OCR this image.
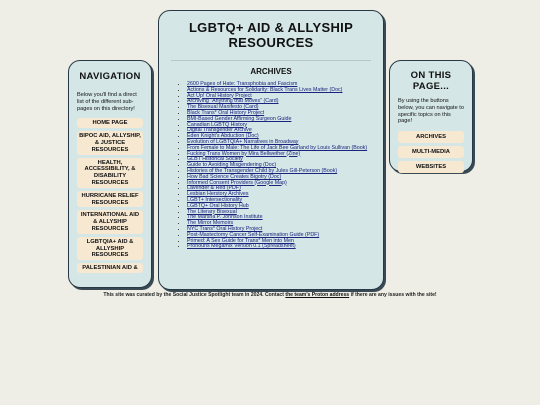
NAVIGATION
Below you'll find a direct list of the different sub-pages on this directory!
HOME PAGE
BIPOC AID, ALLYSHIP, & JUSTICE RESOURCES
HEALTH, ACCESSIBILITY, & DISABILITY RESOURCES
HURRICANE RELIEF RESOURCES
INTERNATIONAL AID & ALLYSHIP RESOURCES
LGBTQIA+ AID & ALLYSHIP RESOURCES
PALESTINIAN AID &
LGBTQ+ AID & ALLYSHIP RESOURCES
ARCHIVES
• 2600 Pages of Hate: Transphobia and Fascism
• Actions & Resources for Solidarity: Black Trans Lives Matter (Doc)
• Act Up! Oral History Project
• Archiving "Anything that Moves" (Card)
• The Bisexual Manifesto (Card)
• Black Trans* Oral History Project
• BMI-Based Gender Affirming Surgeon Guide
• Canadian LGBTQ History
• Digital Transgender Archive
• Eden Knight's Abduction (Doc)
• Evolution of LGBTQIA+ Narratives in Broadway
• From Female to Male: The Life of Jack Bee Garland by Louis Sullivan (Book)
• Fucking Trans Women by Mira Bellwether (Zine)
• GLBT Historical Society
• Guide to Avoiding Misgendering (Doc)
• Histories of the Transgender Child by Jules Gill-Peterson (Book)
• How Bad Science Creates Bigotry (Doc)
• Informed Consent Providers (Google Map)
• Lavender & Red (PDF)
• Lesbian Herstory Archives
• LGBT+ Intersectionality
• LGBTQ+ Oral History Hub
• The Literary Bisexual
• The Marsha P. Johnson Institute
• The Mirror Memoirs
• NYC Trans* Oral History Project
• Post-Mastectomy Cancer Self-Examination Guide (PDF)
• Primed: A Sex Guide for Trans* Men into Men
• Pronouns Megamix Version 0.1 (Spreadsheet)
ON THIS PAGE...
By using the buttons below, you can navigate to specific topics on this page!
ARCHIVES
MULTI-MEDIA
WEBSITES
This site was curated by the Social Justice Spotlight team in 2024. Contact the team's Proton address if there are any issues with the site!
